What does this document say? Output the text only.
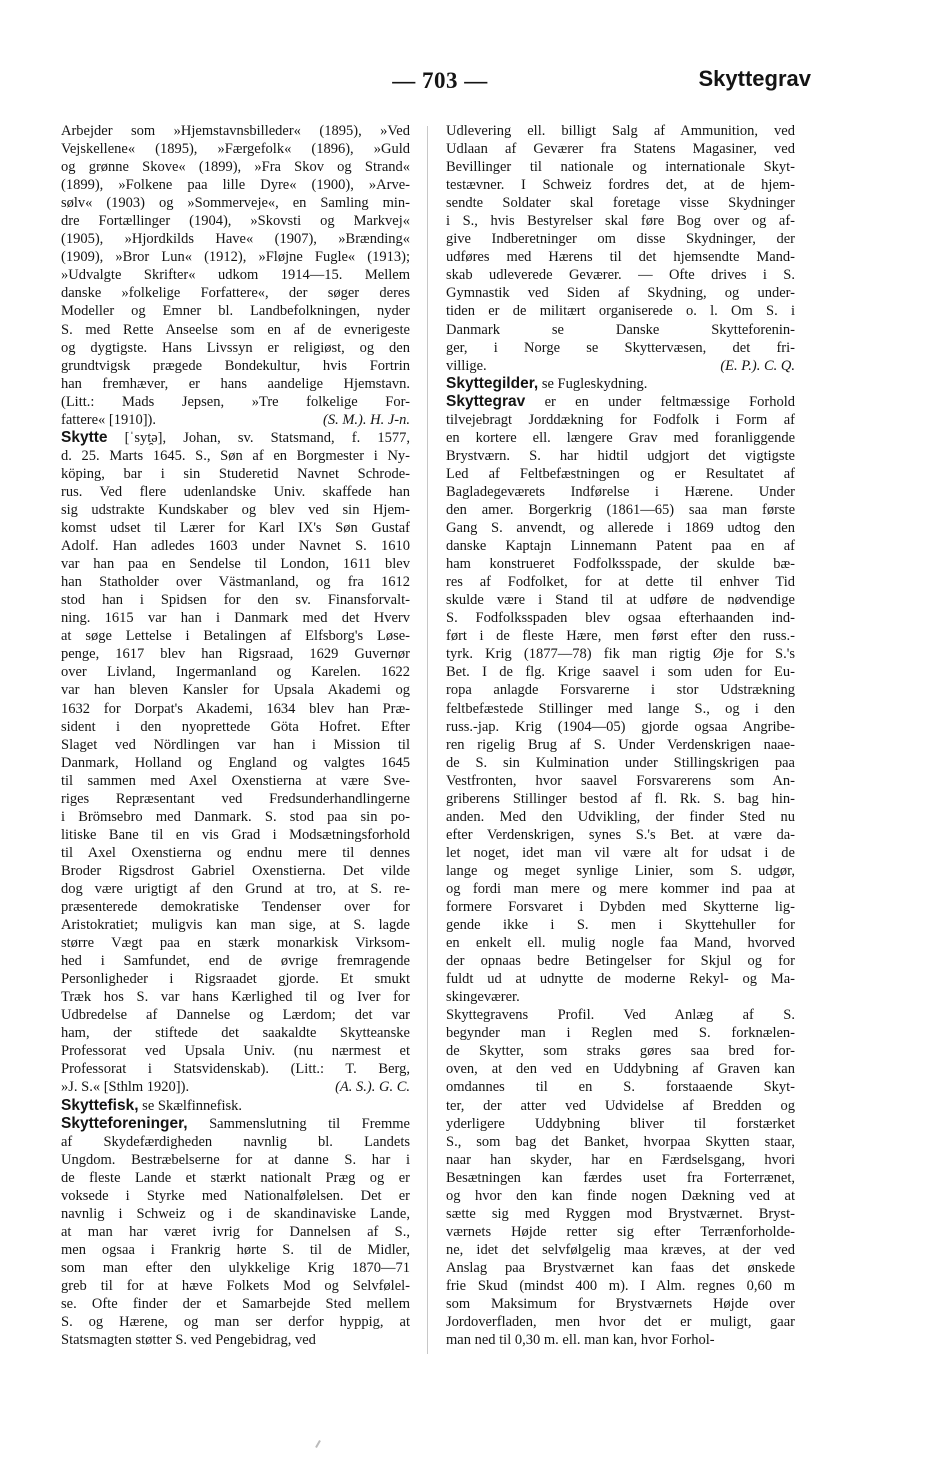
— 703 —	Skyttegrav
Arbejder som »Hjemstavnsbilleder« (1895), »Ved
Vejskellene« (1895), »Færgefolk« (1896), »Guld
og grønne Skove« (1899), »Fra Skov og Strand«
(1899), »Folkene paa lille Dyre« (1900), »Arve-
sølv« (1903) og »Sommerveje«, en Samling min-
dre Fortællinger (1904), »Skovsti og Markvej«
(1905), »Hjordkilds Have« (1907), »Brænding«
(1909), »Bror Lun« (1912), »Fløjne Fugle« (1913);
»Udvalgte Skrifter« udkom 1914—15. Mellem
danske »folkelige Forfattere«, der søger deres
Modeller og Emner bl. Landbefolkningen, nyder
S. med Rette Anseelse som en af de evnerigeste
og dygtigste. Hans Livssyn er religiøst, og den
grundtvigsk prægede Bondekultur, hvis Fortrin
han fremhæver, er hans aandelige Hjemstavn.
(Litt.: Mads Jepsen, »Tre folkelige For-
(S. M.). H. J-n.
fattere« [1910]).
Skytte [ˈsyt̯ə], Johan, sv. Statsmand, f. 1577,
d. 25. Marts 1645. S., Søn af en Borgmester i Ny-
köping, bar i sin Studeretid Navnet Schrode-
rus. Ved flere udenlandske Univ. skaffede han
sig udstrakte Kundskaber og blev ved sin Hjem-
komst udset til Lærer for Karl IX's Søn Gustaf
Adolf. Han adledes 1603 under Navnet S. 1610
var han paa en Sendelse til London, 1611 blev
han Statholder over Västmanland, og fra 1612
stod han i Spidsen for den sv. Finansforvalt-
ning. 1615 var han i Danmark med det Hverv
at søge Lettelse i Betalingen af Elfsborg's Løse-
penge, 1617 blev han Rigsraad, 1629 Guvernør
over Livland, Ingermanland og Karelen. 1622
var han bleven Kansler for Upsala Akademi og
1632 for Dorpat's Akademi, 1634 blev han Præ-
sident i den nyoprettede Göta Hofret. Efter
Slaget ved Nördlingen var han i Mission til
Danmark, Holland og England og valgtes 1645
til sammen med Axel Oxenstierna at være Sve-
riges Repræsentant ved Fredsunderhandlingerne
i Brömsebro med Danmark. S. stod paa sin po-
litiske Bane til en vis Grad i Modsætningsforhold
til Axel Oxenstierna og endnu mere til dennes
Broder Rigsdrost Gabriel Oxenstierna. Det vilde
dog være urigtigt af den Grund at tro, at S. re-
præsenterede demokratiske Tendenser over for
Aristokratiet; muligvis kan man sige, at S. lagde
større Vægt paa en stærk monarkisk Virksom-
hed i Samfundet, end de øvrige fremragende
Personligheder i Rigsraadet gjorde. Et smukt
Træk hos S. var hans Kærlighed til og Iver for
Udbredelse af Dannelse og Lærdom; det var
ham, der stiftede det saakaldte Skytteanske
Professorat ved Upsala Univ. (nu nærmest et
Professorat i Statsvidenskab). (Litt.: T. Berg,
(A. S.). G. C.
»J. S.« [Sthlm 1920]).
Skyttefisk, se Skælfinnefisk.
Skytteforeninger, Sammenslutning til Fremme
af Skydefærdigheden navnlig bl. Landets
Ungdom. Bestræbelserne for at danne S. har i
de fleste Lande et stærkt nationalt Præg og er
voksede i Styrke med Nationalfølelsen. Det er
navnlig i Schweiz og i de skandinaviske Lande,
at man har været ivrig for Dannelsen af S.,
men ogsaa i Frankrig hørte S. til de Midler,
som man efter den ulykkelige Krig 1870—71
greb til for at hæve Folkets Mod og Selvfølel-
se. Ofte finder der et Samarbejde Sted mellem
S. og Hærene, og man ser derfor hyppig, at
Statsmagten støtter S. ved Pengebidrag, ved
Udlevering ell. billigt Salg af Ammunition, ved
Udlaan af Geværer fra Statens Magasiner, ved
Bevillinger til nationale og internationale Skyt-
testævner. I Schweiz fordres det, at de hjem-
sendte Soldater skal foretage visse Skydninger
i S., hvis Bestyrelser skal føre Bog over og af-
give Indberetninger om disse Skydninger, der
udføres med Hærens til det hjemsendte Mand-
skab udleverede Geværer. — Ofte drives i S.
Gymnastik ved Siden af Skydning, og under-
tiden er de militært organiserede o. l. Om S. i
Danmark se Danske Skytteforenin-
ger, i Norge se Skyttervæsen, det fri-
(E. P.). C. Q.
villige.
Skyttegilder, se Fugleskydning.
Skyttegrav er en under feltmæssige Forhold
tilvejebragt Jorddækning for Fodfolk i Form af
en kortere ell. længere Grav med foranliggende
Brystværn. S. har hidtil udgjort det vigtigste
Led af Feltbefæstningen og er Resultatet af
Bagladegeværets Indførelse i Hærene. Under
den amer. Borgerkrig (1861—65) saa man første
Gang S. anvendt, og allerede i 1869 udtog den
danske Kaptajn Linnemann Patent paa en af
ham konstrueret Fodfolksspade, der skulde bæ-
res af Fodfolket, for at dette til enhver Tid
skulde være i Stand til at udføre de nødvendige
S. Fodfolksspaden blev ogsaa efterhaanden ind-
ført i de fleste Hære, men først efter den russ.-
tyrk. Krig (1877—78) fik man rigtig Øje for S.'s
Bet. I de flg. Krige saavel i som uden for Eu-
ropa anlagde Forsvarerne i stor Udstrækning
feltbefæstede Stillinger med lange S., og i den
russ.-jap. Krig (1904—05) gjorde ogsaa Angribe-
ren rigelig Brug af S. Under Verdenskrigen naae-
de S. sin Kulmination under Stillingskrigen paa
Vestfronten, hvor saavel Forsvarerens som An-
griberens Stillinger bestod af fl. Rk. S. bag hin-
anden. Med den Udvikling, der finder Sted nu
efter Verdenskrigen, synes S.'s Bet. at være da-
let noget, idet man vil være alt for udsat i de
lange og meget synlige Linier, som S. udgør,
og fordi man mere og mere kommer ind paa at
formere Forsvaret i Dybden med Skytterne lig-
gende ikke i S. men i Skyttehuller for
en enkelt ell. mulig nogle faa Mand, hvorved
der opnaas bedre Betingelser for Skjul og for
fuldt ud at udnytte de moderne Rekyl- og Ma-
skingeværer.
Skyttegravens Profil. Ved Anlæg af S.
begynder man i Reglen med S. forknælen-
de Skytter, som straks gøres saa bred for-
oven, at den ved en Uddybning af Graven kan
omdannes til en S. forstaaende Skyt-
ter, der atter ved Udvidelse af Bredden og
yderligere Uddybning bliver til forstærket
S., som bag det Banket, hvorpaa Skytten staar,
naar han skyder, har en Færdselsgang, hvori
Besætningen kan færdes uset fra Forterrænet,
og hvor den kan finde nogen Dækning ved at
sætte sig med Ryggen mod Brystværnet. Bryst-
værnets Højde retter sig efter Terrænforholde-
ne, idet det selvfølgelig maa kræves, at der ved
Anslag paa Brystværnet kan faas det ønskede
frie Skud (mindst 400 m). I Alm. regnes 0,60 m
som Maksimum for Brystværnets Højde over
Jordoverfladen, men hvor det er muligt, gaar
man ned til 0,30 m. ell. man kan, hvor Forhol-
